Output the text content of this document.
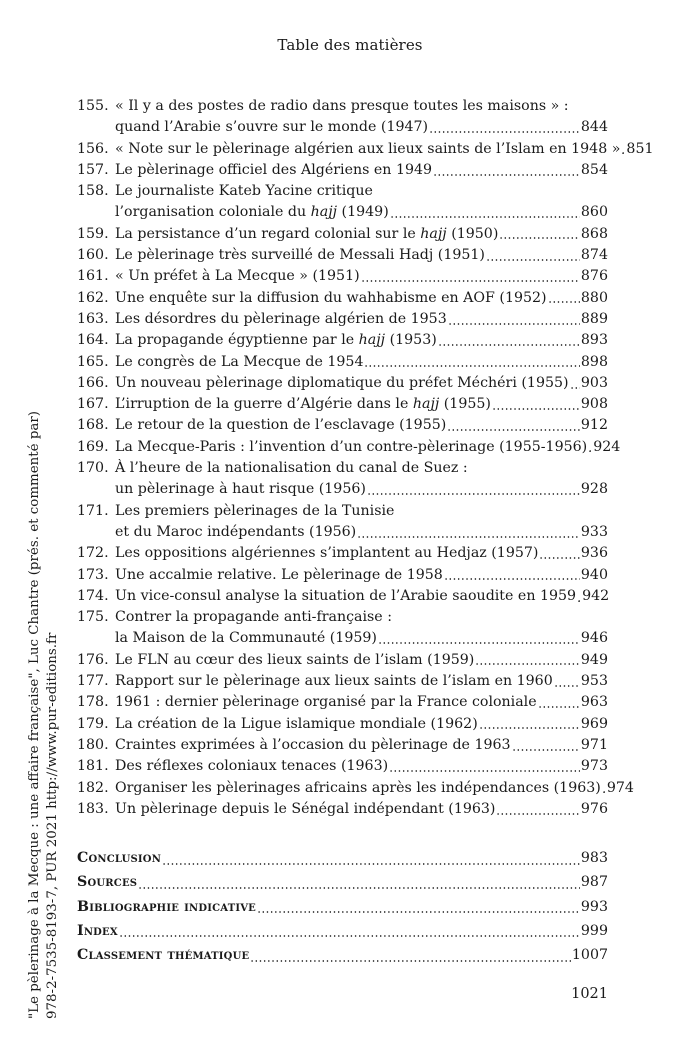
Table des matières
155. « Il y a des postes de radio dans presque toutes les maisons » :
quand l’Arabie s’ouvre sur le monde (1947)	844
156. « Note sur le pèlerinage algérien aux lieux saints de l’Islam en 1948 » 851
157. Le pèlerinage officiel des Algériens en 1949	854
158. Le journaliste Kateb Yacine critique
l’organisation coloniale du hajj (1949)	860
159. La persistance d’un regard colonial sur le hajj (1950)	868
160. Le pèlerinage très surveillé de Messali Hadj (1951)	874
161. « Un préfet à La Mecque » (1951)	876
162. Une enquête sur la diffusion du wahhabisme en AOF (1952) 880
163. Les désordres du pèlerinage algérien de 1953	889
164. La propagande égyptienne par le hajj (1953)	893
165. Le congrès de La Mecque de 1954	898
166. Un nouveau pèlerinage diplomatique du préfet Méchéri (1955) 903
167. L’irruption de la guerre d’Algérie dans le hajj (1955)	908
168. Le retour de la question de l’esclavage (1955)	912
169. La Mecque-Paris : l’invention d’un contre-pèlerinage (1955-1956) 924
170. À l’heure de la nationalisation du canal de Suez :
un pèlerinage à haut risque (1956)	928
171. Les premiers pèlerinages de la Tunisie
et du Maroc indépendants (1956)	933
172. Les oppositions algériennes s’implantent au Hedjaz (1957)	936
173. Une accalmie relative. Le pèlerinage de 1958	940
174. Un vice-consul analyse la situation de l’Arabie saoudite en 1959 942
175. Contrer la propagande anti-française :
la Maison de la Communauté (1959)	946
176. Le FLN au cœur des lieux saints de l’islam (1959)	949
177. Rapport sur le pèlerinage aux lieux saints de l’islam en 1960 953
178. 1961 : dernier pèlerinage organisé par la France coloniale	963
179. La création de la Ligue islamique mondiale (1962)	969
180. Craintes exprimées à l’occasion du pèlerinage de 1963	971
181. Des réflexes coloniaux tenaces (1963)	973
182. Organiser les pèlerinages africains après les indépendances (1963) 974
183. Un pèlerinage depuis le Sénégal indépendant (1963)	976
Conclusion	983
Sources	987
Bibliographie indicative	993
Index	999
Classement thématique	1007
1021
"Le pèlerinage à la Mecque : une affaire française", Luc Chantre (prés. et commenté par) 978-2-7535-8193-7, PUR 2021 http://www.pur-editions.fr
